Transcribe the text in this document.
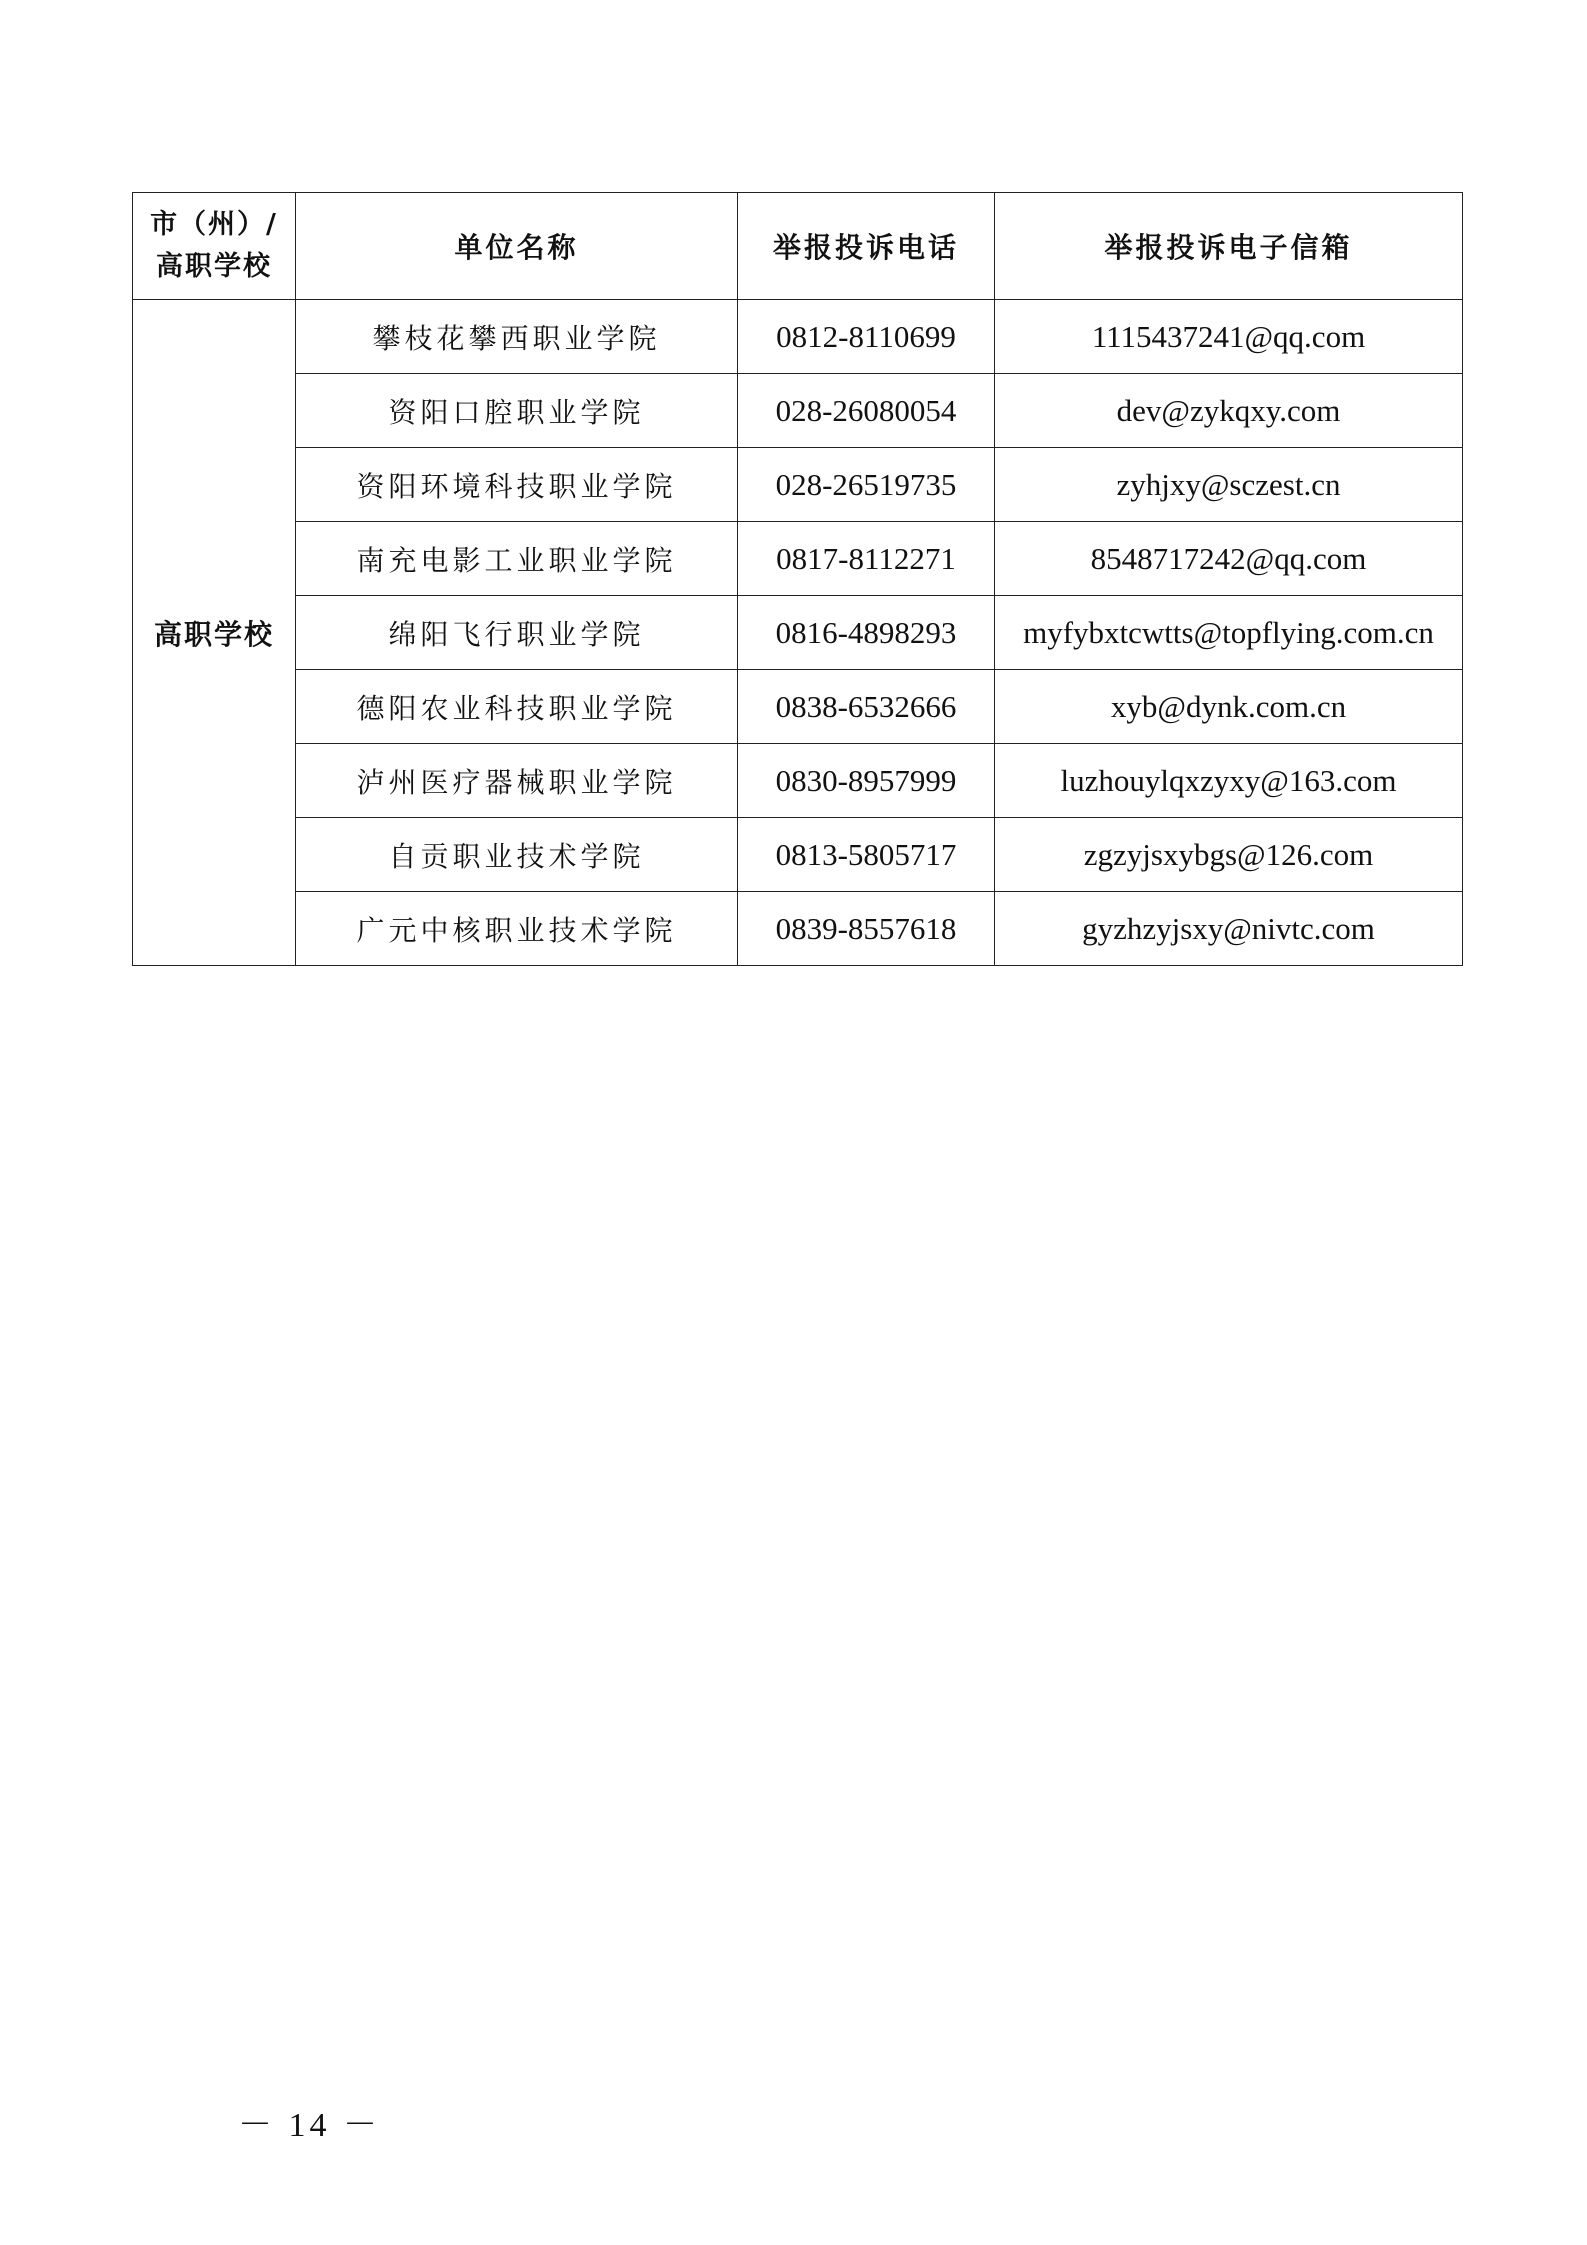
市（州）/
高职学校	单位名称	举报投诉电话	举报投诉电子信箱
高职学校	攀枝花攀西职业学院	0812-8110699	1115437241@qq.com
	资阳口腔职业学院	028-26080054	dev@zykqxy.com
	资阳环境科技职业学院	028-26519735	zyhjxy@sczest.cn
	南充电影工业职业学院	0817-8112271	8548717242@qq.com
	绵阳飞行职业学院	0816-4898293	myfybxtcwtts@topflying.com.cn
	德阳农业科技职业学院	0838-6532666	xyb@dynk.com.cn
	泸州医疗器械职业学院	0830-8957999	luzhouylqxzyxy@163.com
	自贡职业技术学院	0813-5805717	zgzyjsxybgs@126.com
	广元中核职业技术学院	0839-8557618	gyzhzyjsxy@nivtc.com
－ 14 －
